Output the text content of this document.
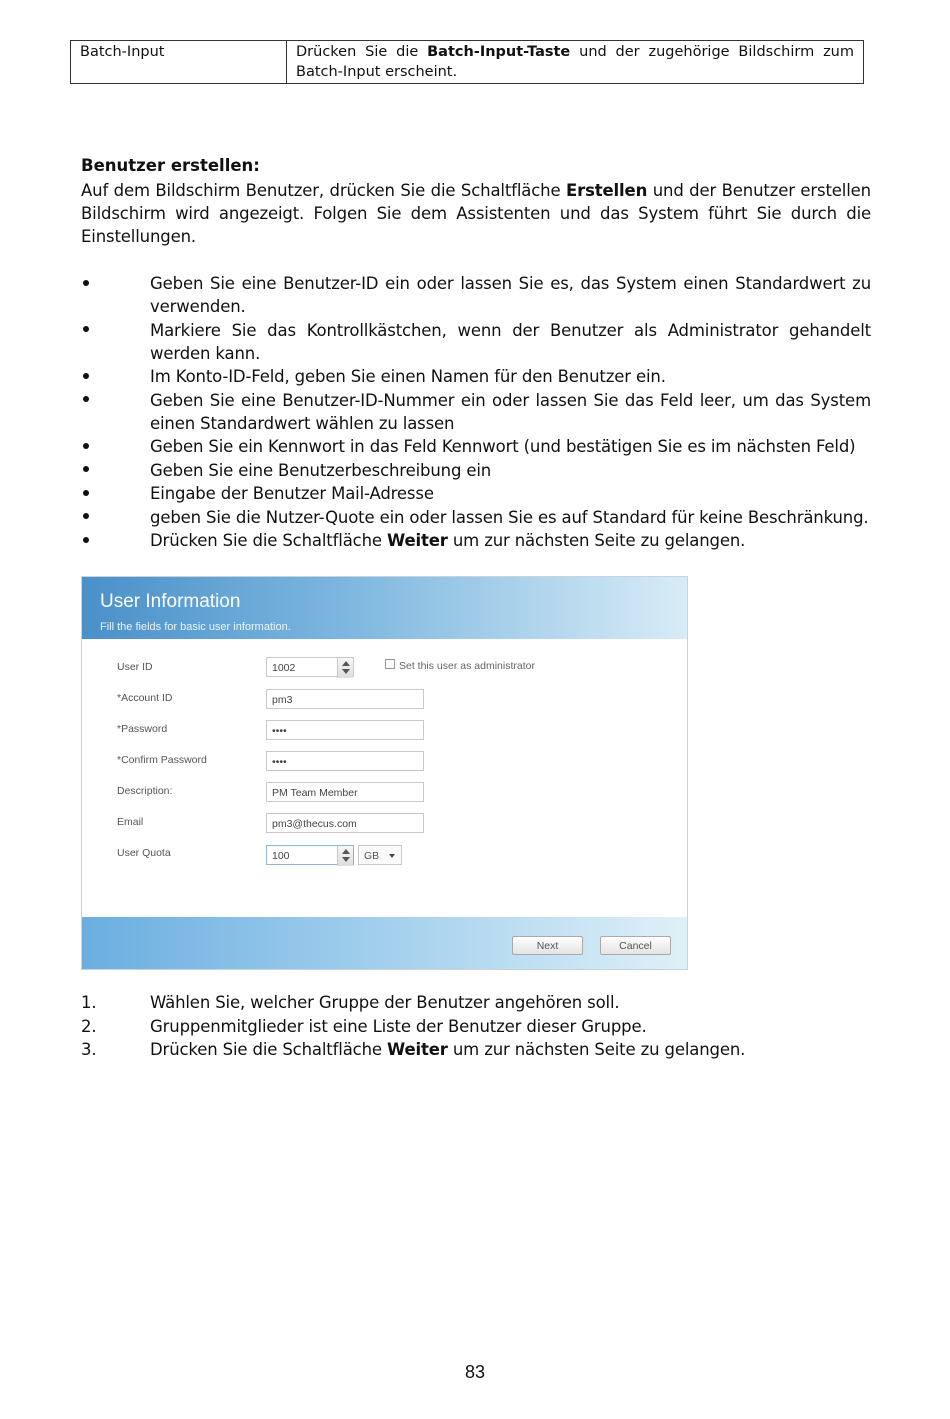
Batch-Input	Drücken Sie die Batch-Input-Taste und der zugehörige Bildschirm zum Batch-Input erscheint.
Benutzer erstellen:
Auf dem Bildschirm Benutzer, drücken Sie die Schaltfläche Erstellen und der Benutzer erstellen Bildschirm wird angezeigt. Folgen Sie dem Assistenten und das System führt Sie durch die Einstellungen.
Geben Sie eine Benutzer-ID ein oder lassen Sie es, das System einen Standardwert zu verwenden.
Markiere Sie das Kontrollkästchen, wenn der Benutzer als Administrator gehandelt werden kann.
Im Konto-ID-Feld, geben Sie einen Namen für den Benutzer ein.
Geben Sie eine Benutzer-ID-Nummer ein oder lassen Sie das Feld leer, um das System einen Standardwert wählen zu lassen
Geben Sie ein Kennwort in das Feld Kennwort (und bestätigen Sie es im nächsten Feld)
Geben Sie eine Benutzerbeschreibung ein
Eingabe der Benutzer Mail-Adresse
geben Sie die Nutzer-Quote ein oder lassen Sie es auf Standard für keine Beschränkung.
Drücken Sie die Schaltfläche Weiter um zur nächsten Seite zu gelangen.
User Information
Fill the fields for basic user information.
User ID	1002	Set this user as administrator
*Account ID	pm3
*Password	••••
*Confirm Password	••••
Description:	PM Team Member
Email	pm3@thecus.com
User Quota	100	GB
Next	Cancel
1.	Wählen Sie, welcher Gruppe der Benutzer angehören soll.
2.	Gruppenmitglieder ist eine Liste der Benutzer dieser Gruppe.
3.	Drücken Sie die Schaltfläche Weiter um zur nächsten Seite zu gelangen.
83
